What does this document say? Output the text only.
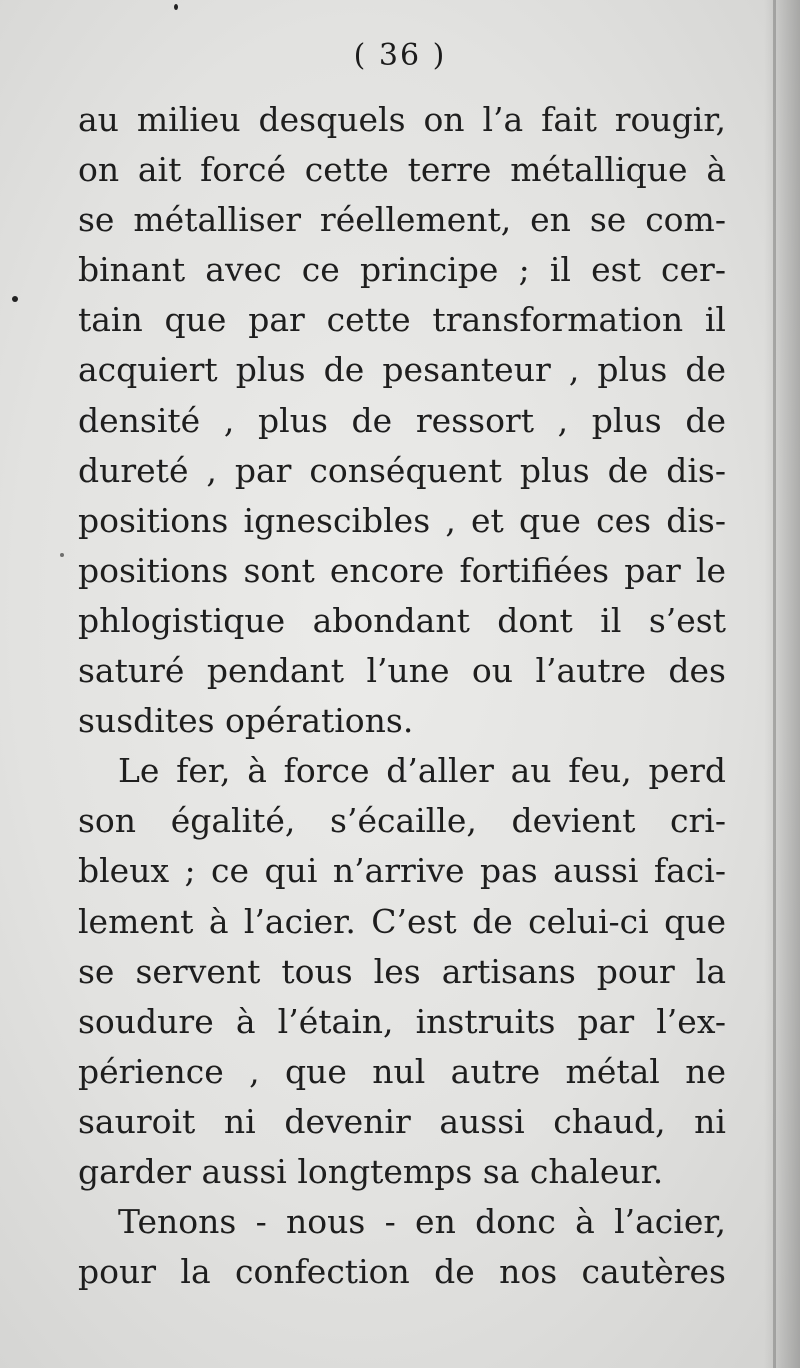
( 36 )
au milieu desquels on l’a fait rougir,
on ait forcé cette terre métallique à
se métalliser réellement, en se com-
binant avec ce principe ; il est cer-
tain que par cette transformation il
acquiert plus de pesanteur , plus de
densité , plus de ressort , plus de
dureté , par conséquent plus de dis-
positions ignescibles , et que ces dis-
positions sont encore fortifiées par le
phlogistique abondant dont il s’est
saturé pendant l’une ou l’autre des
susdites opérations.
Le fer, à force d’aller au feu, perd
son égalité, s’écaille, devient cri-
bleux ; ce qui n’arrive pas aussi faci-
lement à l’acier. C’est de celui-ci que
se servent tous les artisans pour la
soudure à l’étain, instruits par l’ex-
périence , que nul autre métal ne
sauroit ni devenir aussi chaud, ni
garder aussi longtemps sa chaleur.
Tenons - nous - en donc à l’acier,
pour la confection de nos cautères
